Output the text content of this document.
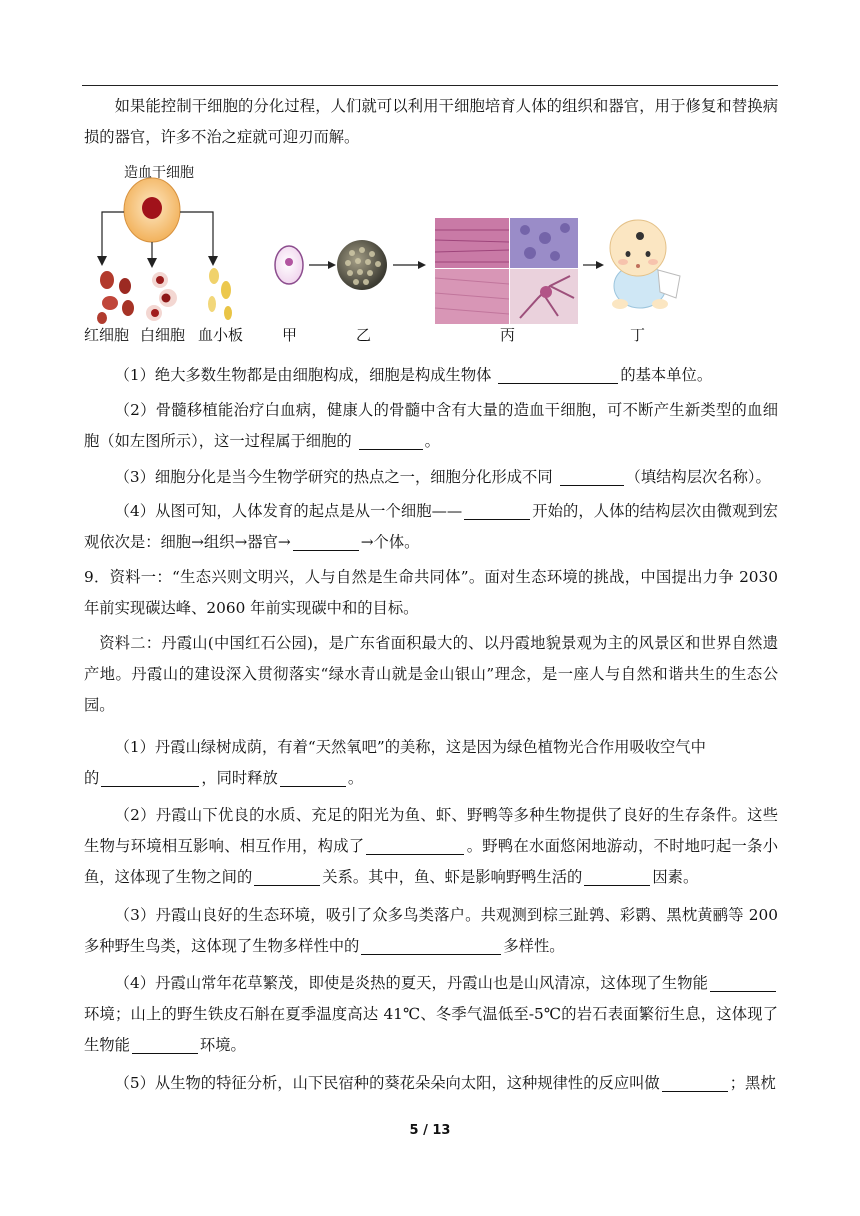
如果能控制干细胞的分化过程，人们就可以利用干细胞培育人体的组织和器官，用于修复和替换病损的器官，许多不治之症就可迎刃而解。

造血干细胞
红细胞 白细胞 血小板	甲	乙	丙	丁

（1）绝大多数生物都是由细胞构成，细胞是构成生物体	的基本单位。

（2）骨髓移植能治疗白血病，健康人的骨髓中含有大量的造血干细胞，可不断产生新类型的血细胞（如左图所示），这一过程属于细胞的	。

（3）细胞分化是当今生物学研究的热点之一，细胞分化形成不同	（填结构层次名称）。

（4）从图可知，人体发育的起点是从一个细胞——	开始的，人体的结构层次由微观到宏观依次是：细胞→组织→器官→	→个体。

9．资料一：“生态兴则文明兴，人与自然是生命共同体”。面对生态环境的挑战，中国提出力争 2030 年前实现碳达峰、2060 年前实现碳中和的目标。

资料二：丹霞山(中国红石公园)，是广东省面积最大的、以丹霞地貌景观为主的风景区和世界自然遗产地。丹霞山的建设深入贯彻落实“绿水青山就是金山银山”理念，是一座人与自然和谐共生的生态公园。

（1）丹霞山绿树成荫，有着“天然氧吧”的美称，这是因为绿色植物光合作用吸收空气中
的	，同时释放	。

（2）丹霞山下优良的水质、充足的阳光为鱼、虾、野鸭等多种生物提供了良好的生存条件。这些生物与环境相互影响、相互作用，构成了	。野鸭在水面悠闲地游动，不时地叼起一条小鱼，这体现了生物之间的	关系。其中，鱼、虾是影响野鸭生活的	因素。

（3）丹霞山良好的生态环境，吸引了众多鸟类落户。共观测到棕三趾鹑、彩鹮、黑枕黄鹂等 200 多种野生鸟类，这体现了生物多样性中的	多样性。

（4）丹霞山常年花草繁茂，即使是炎热的夏天，丹霞山也是山风清凉，这体现了生物能环境；山上的野生铁皮石斛在夏季温度高达 41℃、冬季气温低至-5℃的岩石表面繁衍生息，这体现了生物能	环境。

（5）从生物的特征分析，山下民宿种的葵花朵朵向太阳，这种规律性的反应叫做	；黑枕

5 / 13
